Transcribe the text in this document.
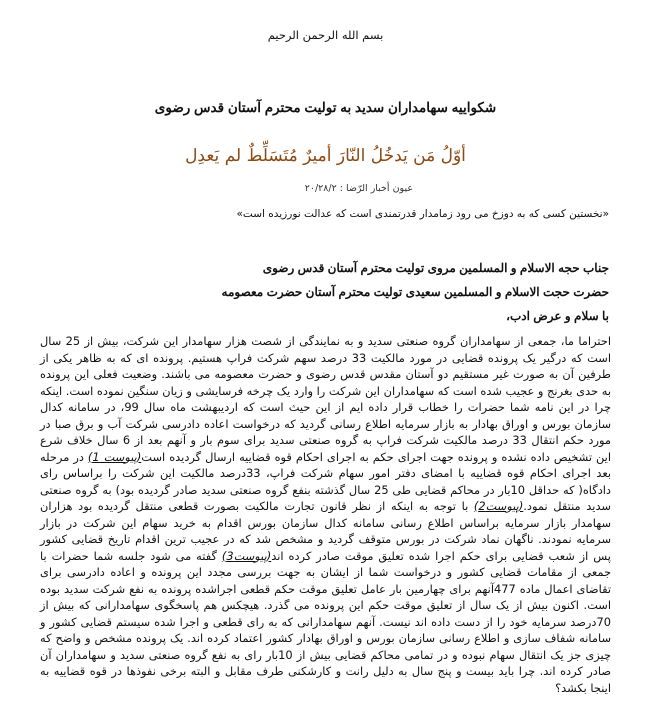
بسم الله الرحمن الرحیم
شکواییه سهامداران سدید به تولیت محترم آستان قدس رضوی
أوّلُ مَن یَدخُلُ النّارَ أمیرٌ مُتَسَلِّطٌ لم یَعدِل
عیون أخبار الرّضا : ۲۰/۲۸/۲
«نخستین کسی که به دوزخ می رود زمامدار قدرتمندی است که عدالت نورزیده است»
جناب حجه الاسلام و المسلمین مروی تولیت محترم آستان قدس رضوی
حضرت حجت الاسلام و المسلمین سعیدی تولیت محترم آستان حضرت معصومه
با سلام و عرض ادب،

احتراما ما، جمعی از سهامداران گروه صنعتی سدید و به نمایندگی از شصت هزار سهامدار این شرکت، بیش از 25 سال است که درگیر یک پرونده قضایی در مورد مالکیت 33 درصد سهم شرکت فراپ هستیم. پرونده ای که به ظاهر یکی از طرفین آن به صورت غیر مستقیم دو آستان مقدس قدس رضوی و حضرت معصومه می باشند. وضعیت فعلی این پرونده به حدی بغرنج و عجیب شده است که سهامداران این شرکت را وارد یک چرخه فرسایشی و زیان سنگین نموده است. اینکه چرا در این نامه شما حضرات را خطاب قرار داده ایم از این حیث است که اردیبهشت ماه سال 99، در سامانه کدال سازمان بورس و اوراق بهادار به بازار سرمایه اطلاع رسانی گردید که درخواست اعاده دادرسی شرکت آب و برق صبا در مورد حکم انتقال 33 درصد مالکیت شرکت فراپ به گروه صنعتی سدید برای سوم بار و آنهم بعد از 6 سال خلاف شرع این تشخیص داده نشده و پرونده جهت اجرای حکم به اجرای احکام قوه قضاییه ارسال گردیده است(پیوست 1) در مرحله بعد اجرای احکام قوه قضاییه با امضای دفتر امور سهام شرکت فراپ، 33درصد مالکیت این شرکت را براساس رای دادگاه( که حداقل 10بار در محاکم قضایی طی 25 سال گذشته بنفع گروه صنعتی سدید صادر گردیده بود) به گروه صنعتی سدید منتقل نمود.(پیوست2) با توجه به اینکه از نظر قانون تجارت مالکیت بصورت قطعی منتقل گردیده بود هزاران سهامدار بازار سرمایه براساس اطلاع رسانی سامانه کدال سازمان بورس اقدام به خرید سهام این شرکت در بازار سرمایه نمودند. ناگهان نماد شرکت در بورس متوقف گردید و مشخص شد که در عجیب ترین اقدام تاریخ قضایی کشور پس از شعب قضایی برای حکم اجرا شده تعلیق موقت صادر کرده اند(پیوست3) گفته می شود جلسه شما حضرات با جمعی از مقامات قضایی کشور و درخواست شما از ایشان به جهت بررسی مجدد این پرونده و اعاده دادرسی برای تقاضای اعمال ماده 477آنهم برای چهارمین بار عامل تعلیق موقت حکم قطعی اجراشده پرونده به نفع شرکت سدید بوده است. اکنون بیش از یک سال از تعلیق موقت حکم این پرونده می گذرد. هیچکس هم پاسخگوی سهامدارانی که بیش از 70درصد سرمایه خود را از دست داده اند نیست. آنهم سهامدارانی که به رای قطعی و اجرا شده سیستم قضایی کشور و سامانه شفاف سازی و اطلاع رسانی سازمان بورس و اوراق بهادار کشور اعتماد کرده اند. یک پرونده مشخص و واضح که چیزی جز یک انتقال سهام نبوده و در تمامی محاکم قضایی بیش از 10بار رای به نفع گروه صنعتی سدید و سهامداران آن صادر کرده اند. چرا باید بیست و پنج سال به دلیل رانت و کارشکنی طرف مقابل و البته برخی نفوذها در قوه قضاییه به اینجا بکشد؟
